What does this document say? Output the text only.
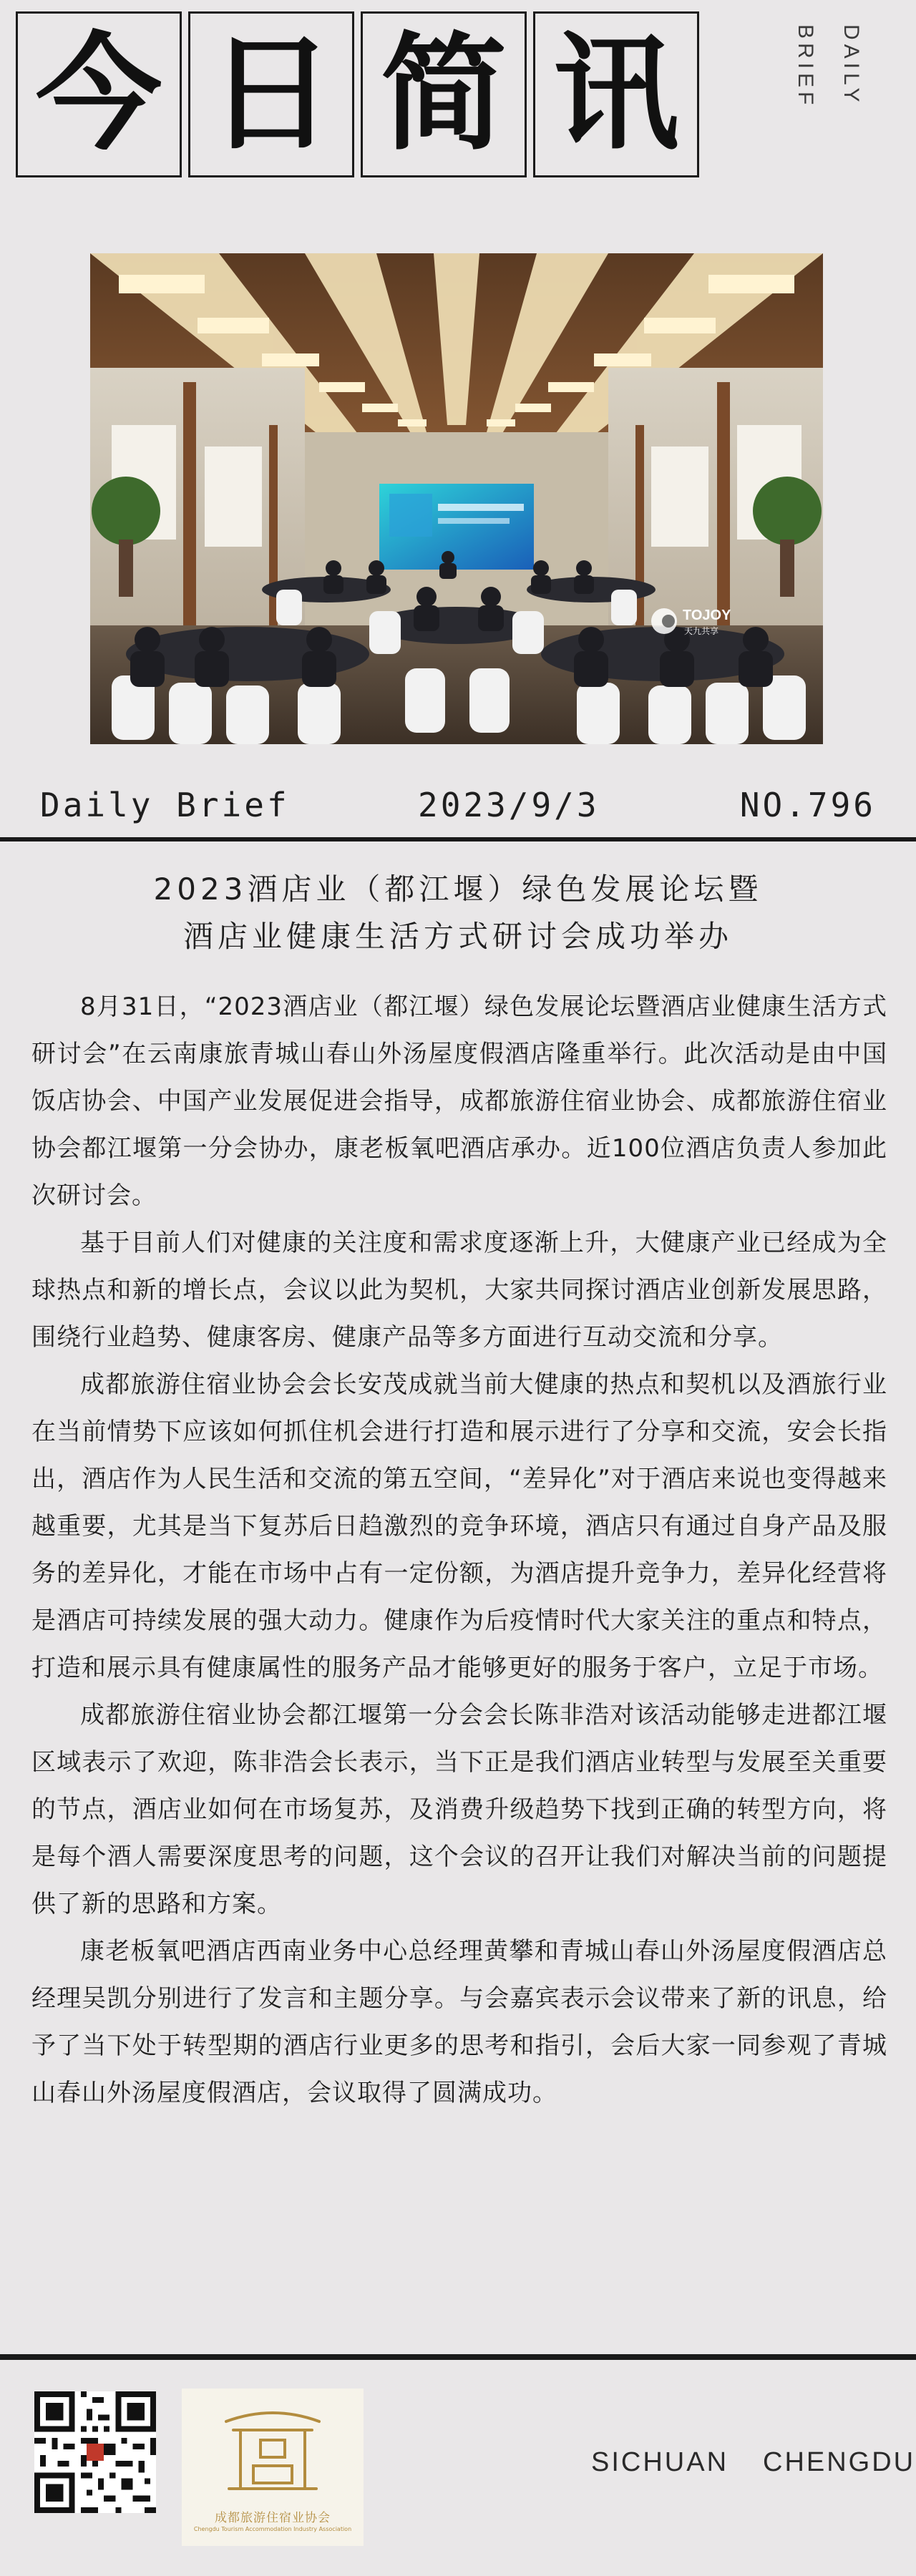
今 日 简 讯	BRIEF DAILY
TOJOY
天九共享
Daily Brief	2023/9/3	NO.796
2023酒店业（都江堰）绿色发展论坛暨
酒店业健康生活方式研讨会成功举办

8月31日，“2023酒店业（都江堰）绿色发展论坛暨酒店业健康生活方式研讨会”在云南康旅青城山春山外汤屋度假酒店隆重举行。此次活动是由中国饭店协会、中国产业发展促进会指导，成都旅游住宿业协会、成都旅游住宿业协会都江堰第一分会协办，康老板氧吧酒店承办。近100位酒店负责人参加此次研讨会。

基于目前人们对健康的关注度和需求度逐渐上升，大健康产业已经成为全球热点和新的增长点，会议以此为契机，大家共同探讨酒店业创新发展思路，围绕行业趋势、健康客房、健康产品等多方面进行互动交流和分享。

成都旅游住宿业协会会长安茂成就当前大健康的热点和契机以及酒旅行业在当前情势下应该如何抓住机会进行打造和展示进行了分享和交流，安会长指出，酒店作为人民生活和交流的第五空间，“差异化”对于酒店来说也变得越来越重要，尤其是当下复苏后日趋激烈的竞争环境，酒店只有通过自身产品及服务的差异化，才能在市场中占有一定份额，为酒店提升竞争力，差异化经营将是酒店可持续发展的强大动力。健康作为后疫情时代大家关注的重点和特点，打造和展示具有健康属性的服务产品才能够更好的服务于客户，立足于市场。

成都旅游住宿业协会都江堰第一分会会长陈非浩对该活动能够走进都江堰区域表示了欢迎，陈非浩会长表示，当下正是我们酒店业转型与发展至关重要的节点，酒店业如何在市场复苏，及消费升级趋势下找到正确的转型方向，将是每个酒人需要深度思考的问题，这个会议的召开让我们对解决当前的问题提供了新的思路和方案。

康老板氧吧酒店西南业务中心总经理黄攀和青城山春山外汤屋度假酒店总经理吴凯分别进行了发言和主题分享。与会嘉宾表示会议带来了新的讯息，给予了当下处于转型期的酒店行业更多的思考和指引，会后大家一同参观了青城山春山外汤屋度假酒店，会议取得了圆满成功。

成都旅游住宿业协会
Chengdu Tourism Accommodation Industry Association
SICHUAN CHENGDU
